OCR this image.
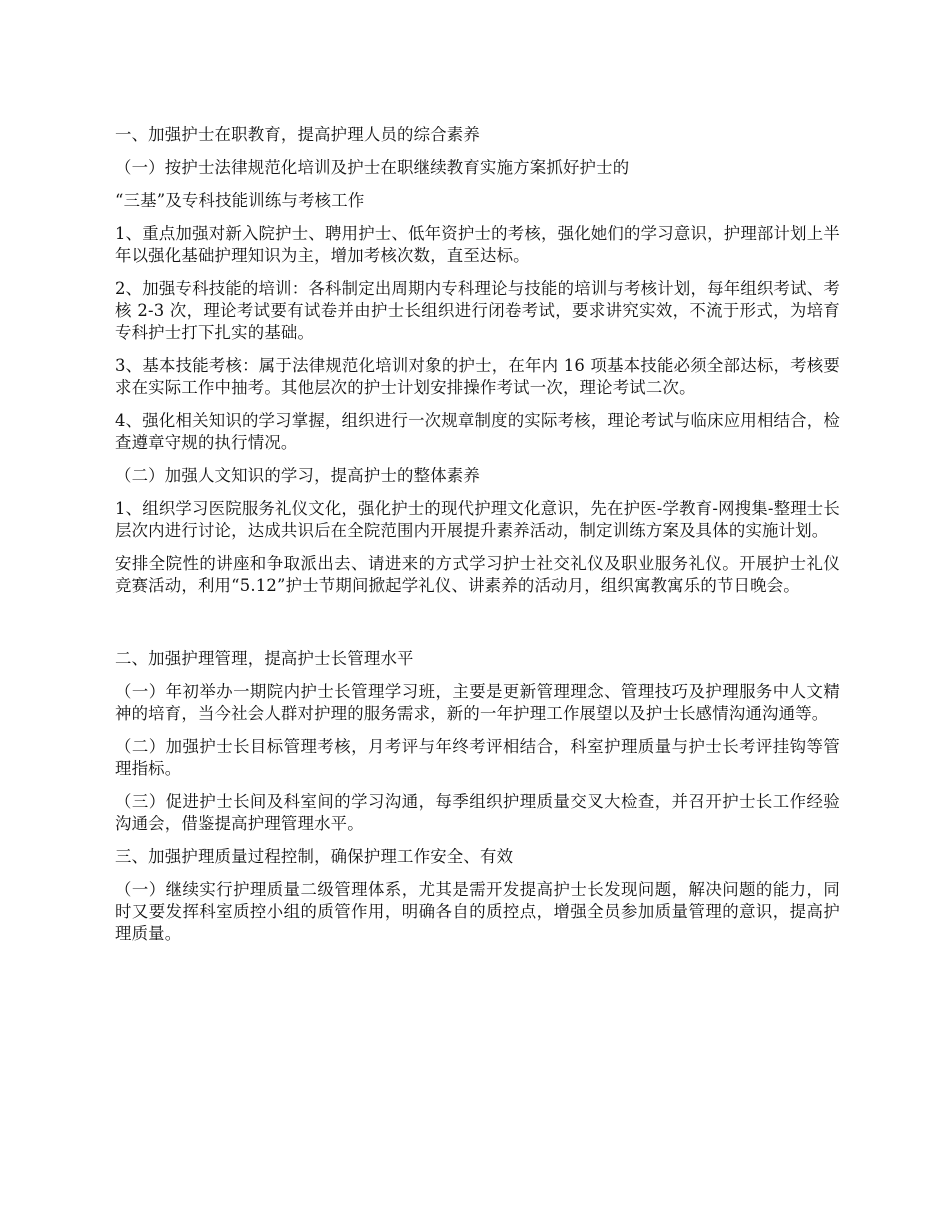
一、加强护士在职教育，提高护理人员的综合素养

（一）按护士法律规范化培训及护士在职继续教育实施方案抓好护士的

“三基”及专科技能训练与考核工作

1、重点加强对新入院护士、聘用护士、低年资护士的考核，强化她们的学习意识，护理部计划上半年以强化基础护理知识为主，增加考核次数，直至达标。

2、加强专科技能的培训：各科制定出周期内专科理论与技能的培训与考核计划，每年组织考试、考核 2-3 次，理论考试要有试卷并由护士长组织进行闭卷考试，要求讲究实效，不流于形式，为培育专科护士打下扎实的基础。

3、基本技能考核：属于法律规范化培训对象的护士，在年内 16 项基本技能必须全部达标，考核要求在实际工作中抽考。其他层次的护士计划安排操作考试一次，理论考试二次。

4、强化相关知识的学习掌握，组织进行一次规章制度的实际考核，理论考试与临床应用相结合，检查遵章守规的执行情况。

（二）加强人文知识的学习，提高护士的整体素养

1、组织学习医院服务礼仪文化，强化护士的现代护理文化意识，先在护医-学教育-网搜集-整理士长层次内进行讨论，达成共识后在全院范围内开展提升素养活动，制定训练方案及具体的实施计划。

安排全院性的讲座和争取派出去、请进来的方式学习护士社交礼仪及职业服务礼仪。开展护士礼仪竞赛活动，利用“5.12”护士节期间掀起学礼仪、讲素养的活动月，组织寓教寓乐的节日晚会。

二、加强护理管理，提高护士长管理水平

（一）年初举办一期院内护士长管理学习班，主要是更新管理理念、管理技巧及护理服务中人文精神的培育，当今社会人群对护理的服务需求，新的一年护理工作展望以及护士长感情沟通沟通等。

（二）加强护士长目标管理考核，月考评与年终考评相结合，科室护理质量与护士长考评挂钩等管理指标。

（三）促进护士长间及科室间的学习沟通，每季组织护理质量交叉大检查，并召开护士长工作经验沟通会，借鉴提高护理管理水平。

三、加强护理质量过程控制，确保护理工作安全、有效

（一）继续实行护理质量二级管理体系，尤其是需开发提高护士长发现问题，解决问题的能力，同时又要发挥科室质控小组的质管作用，明确各自的质控点，增强全员参加质量管理的意识，提高护理质量。
